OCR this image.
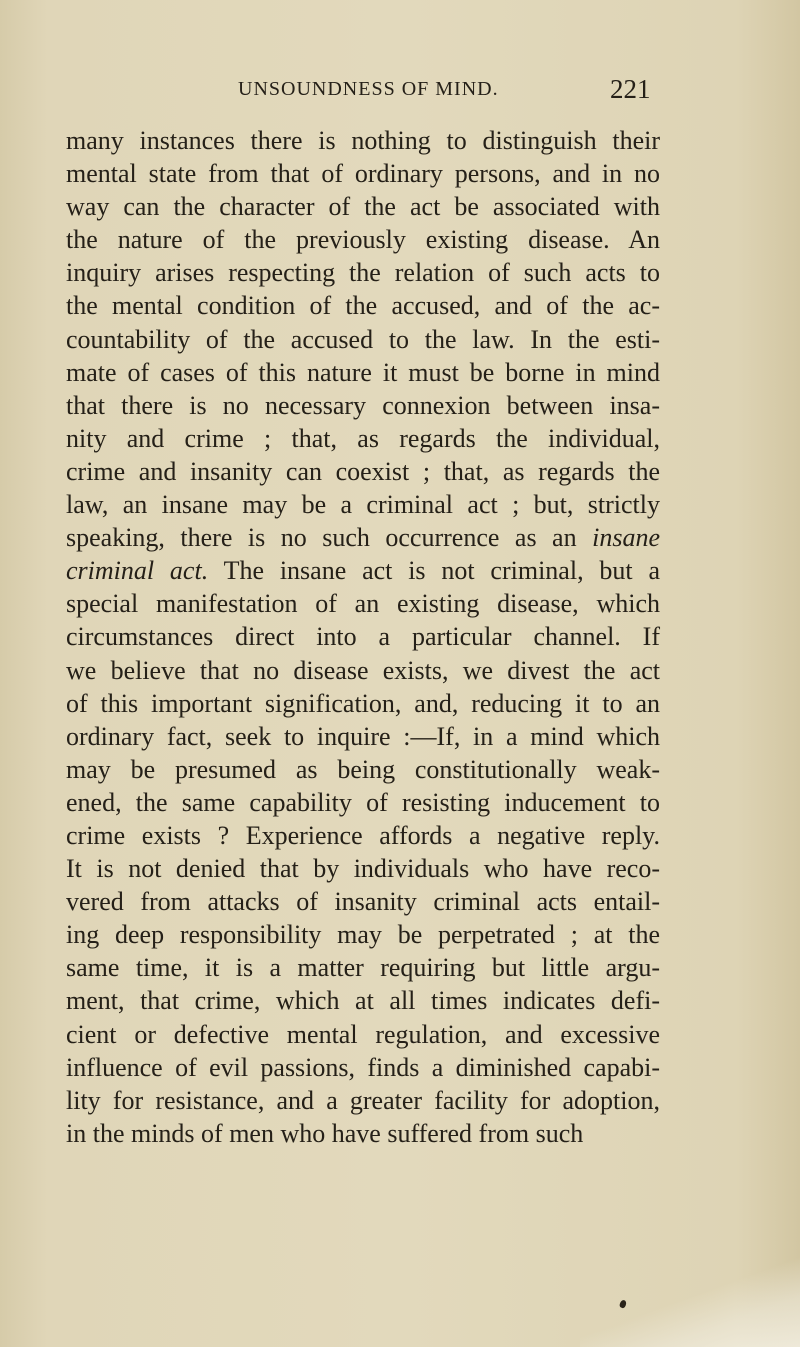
UNSOUNDNESS OF MIND.	221
many instances there is nothing to distinguish their
mental state from that of ordinary persons, and in no
way can the character of the act be associated with
the nature of the previously existing disease. An
inquiry arises respecting the relation of such acts to
the mental condition of the accused, and of the ac-
countability of the accused to the law. In the esti-
mate of cases of this nature it must be borne in mind
that there is no necessary connexion between insa-
nity and crime ; that, as regards the individual,
crime and insanity can coexist ; that, as regards the
law, an insane may be a criminal act ; but, strictly
speaking, there is no such occurrence as an insane
criminal act. The insane act is not criminal, but a
special manifestation of an existing disease, which
circumstances direct into a particular channel. If
we believe that no disease exists, we divest the act
of this important signification, and, reducing it to an
ordinary fact, seek to inquire :—If, in a mind which
may be presumed as being constitutionally weak-
ened, the same capability of resisting inducement to
crime exists ? Experience affords a negative reply.
It is not denied that by individuals who have reco-
vered from attacks of insanity criminal acts entail-
ing deep responsibility may be perpetrated ; at the
same time, it is a matter requiring but little argu-
ment, that crime, which at all times indicates defi-
cient or defective mental regulation, and excessive
influence of evil passions, finds a diminished capabi-
lity for resistance, and a greater facility for adoption,
in the minds of men who have suffered from such
